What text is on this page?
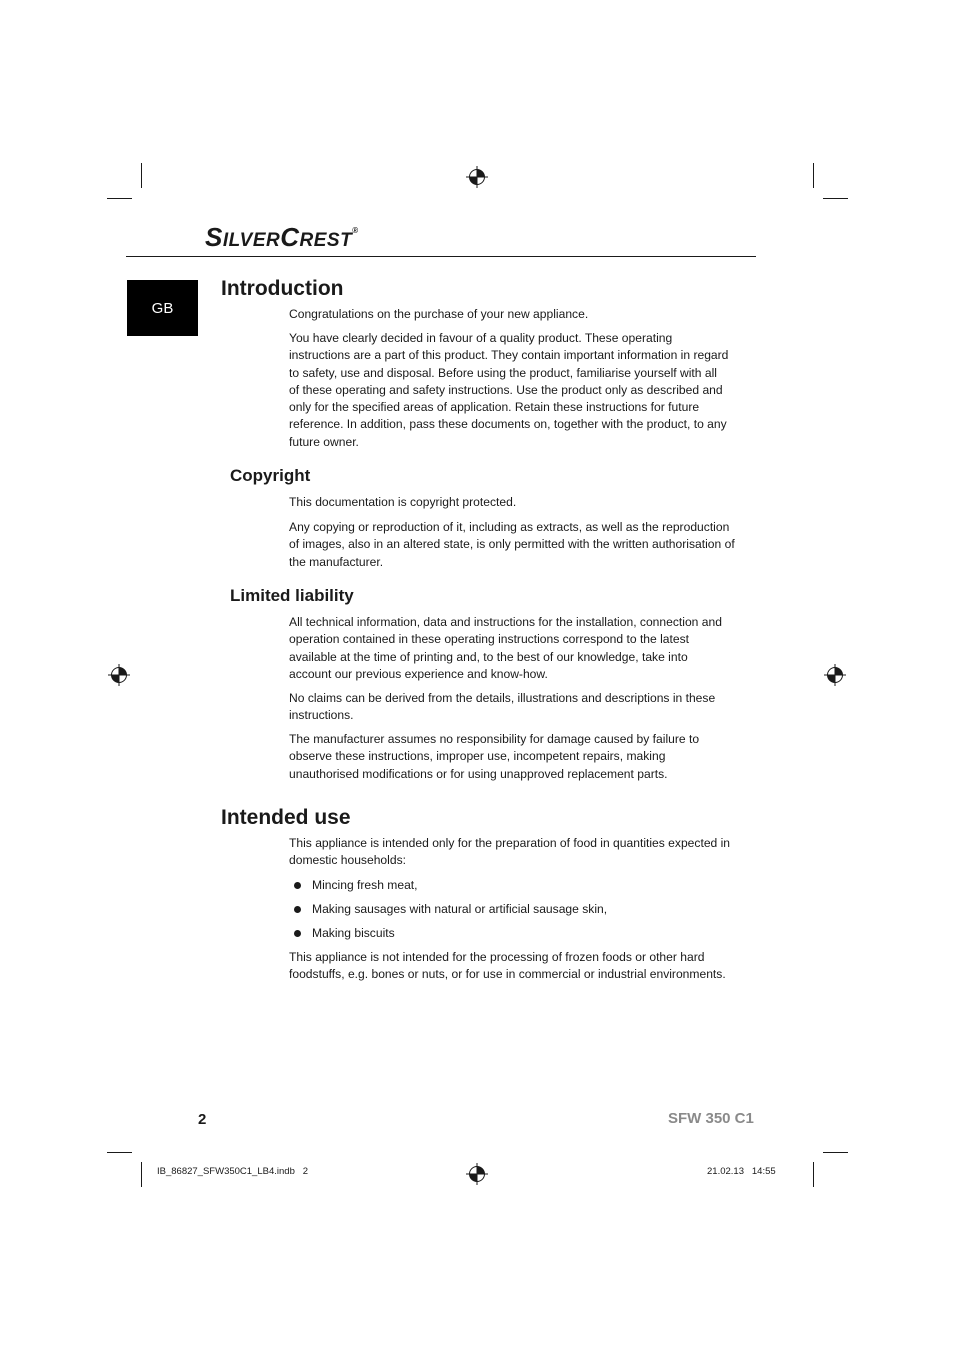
SILVERCREST®
GB
Introduction

Congratulations on the purchase of your new appliance.

You have clearly decided in favour of a quality product. These operating instructions are a part of this product. They contain important information in regard to safety, use and disposal. Before using the product, familiarise yourself with all of these operating and safety instructions. Use the product only as described and only for the specified areas of application. Retain these instructions for future reference. In addition, pass these documents on, together with the product, to any future owner.

Copyright

This documentation is copyright protected.

Any copying or reproduction of it, including as extracts, as well as the reproduction of images, also in an altered state, is only permitted with the written authorisation of the manufacturer.

Limited liability

All technical information, data and instructions for the installation, connection and operation contained in these operating instructions correspond to the latest available at the time of printing and, to the best of our knowledge, take into account our previous experience and know-how.

No claims can be derived from the details, illustrations and descriptions in these instructions.

The manufacturer assumes no responsibility for damage caused by failure to observe these instructions, improper use, incompetent repairs, making unauthorised modifications or for using unapproved replacement parts.

Intended use

This appliance is intended only for the preparation of food in quantities expected in domestic households:

Mincing fresh meat,
Making sausages with natural or artificial sausage skin,
Making biscuits

This appliance is not intended for the processing of frozen foods or other hard foodstuffs, e.g. bones or nuts, or for use in commercial or industrial environments.

2	SFW 350 C1
IB_86827_SFW350C1_LB4.indb   2	21.02.13   14:55
